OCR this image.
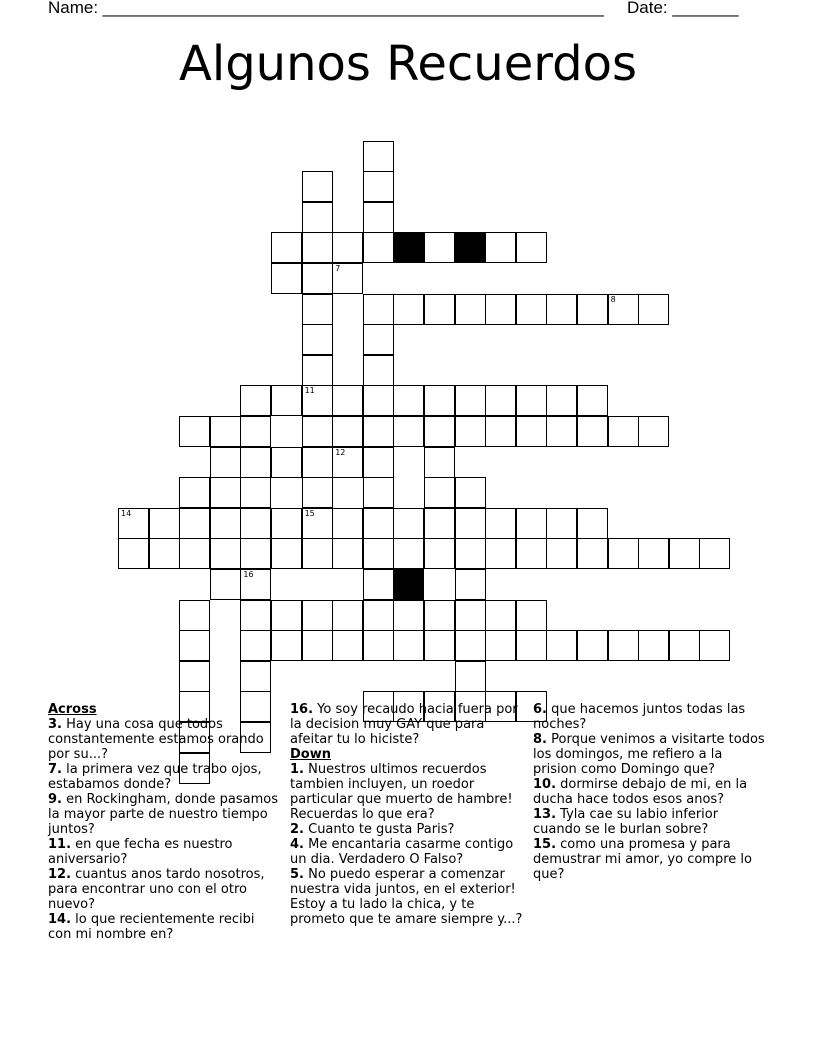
Name: _____________________________________________________ Date: _______
Algunos Recuerdos
11
7
8
16
12
14	15
Across
3. Hay una cosa que todos constantemente estamos orando por su...?
7. la primera vez que trabo ojos, estabamos donde?
9. en Rockingham, donde pasamos la mayor parte de nuestro tiempo juntos?
11. en que fecha es nuestro aniversario?
12. cuantus anos tardo nosotros, para encontrar uno con el otro nuevo?
14. lo que recientemente recibi con mi nombre en?
16. Yo soy recaudo hacia fuera por la decision muy GAY que para afeitar tu lo hiciste?
Down
1. Nuestros ultimos recuerdos tambien incluyen, un roedor particular que muerto de hambre! Recuerdas lo que era?
2. Cuanto te gusta Paris?
4. Me encantaria casarme contigo un dia. Verdadero O Falso?
5. No puedo esperar a comenzar nuestra vida juntos, en el exterior! Estoy a tu lado la chica, y te prometo que te amare siempre y...?
6. que hacemos juntos todas las noches?
8. Porque venimos a visitarte todos los domingos, me refiero a la prision como Domingo que?
10. dormirse debajo de mi, en la ducha hace todos esos anos?
13. Tyla cae su labio inferior cuando se le burlan sobre?
15. como una promesa y para demustrar mi amor, yo compre lo que?
